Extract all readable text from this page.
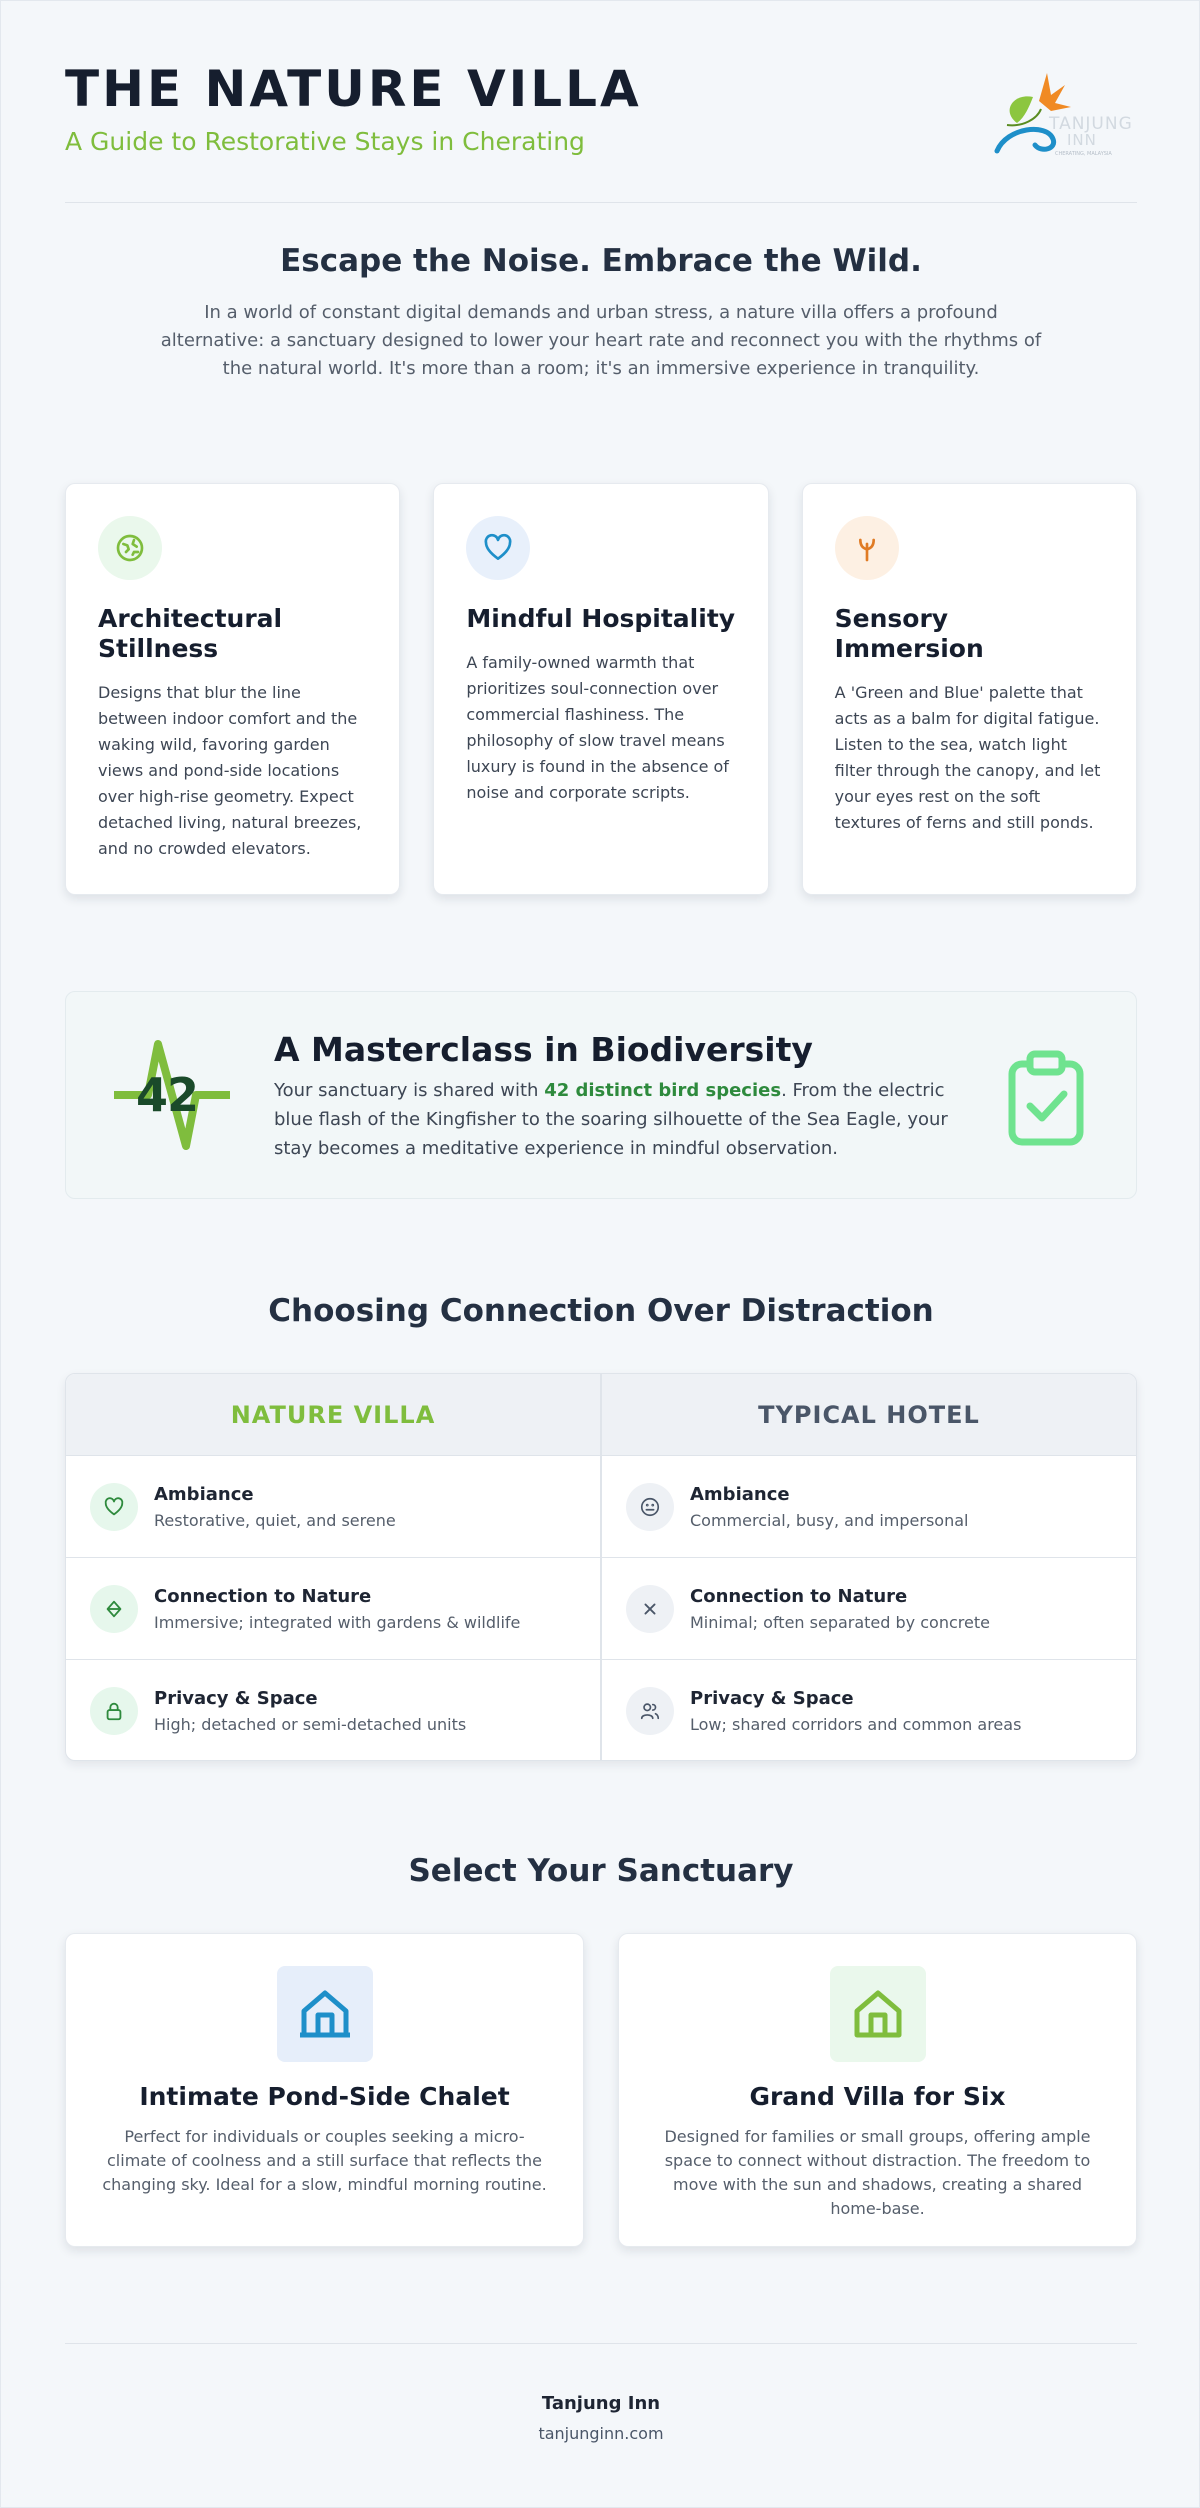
THE NATURE VILLA
A Guide to Restorative Stays in Cherating
TANJUNG
INN
CHERATING, MALAYSIA
Escape the Noise. Embrace the Wild.

In a world of constant digital demands and urban stress, a nature villa offers a profound alternative: a sanctuary designed to lower your heart rate and reconnect you with the rhythms of the natural world. It's more than a room; it's an immersive experience in tranquility.

Architectural Stillness

Designs that blur the line between indoor comfort and the waking wild, favoring garden views and pond-side locations over high-rise geometry. Expect detached living, natural breezes, and no crowded elevators.

Mindful Hospitality

A family-owned warmth that prioritizes soul-connection over commercial flashiness. The philosophy of slow travel means luxury is found in the absence of noise and corporate scripts.

Sensory Immersion

A 'Green and Blue' palette that acts as a balm for digital fatigue. Listen to the sea, watch light filter through the canopy, and let your eyes rest on the soft textures of ferns and still ponds.

42
A Masterclass in Biodiversity

Your sanctuary is shared with 42 distinct bird species. From the electric blue flash of the Kingfisher to the soaring silhouette of the Sea Eagle, your stay becomes a meditative experience in mindful observation.

Choosing Connection Over Distraction
NATURE VILLA	TYPICAL HOTEL
Ambiance
Restorative, quiet, and serene
Ambiance
Commercial, busy, and impersonal
Connection to Nature
Immersive; integrated with gardens & wildlife
Connection to Nature
Minimal; often separated by concrete
Privacy & Space
High; detached or semi-detached units
Privacy & Space
Low; shared corridors and common areas
Select Your Sanctuary
Intimate Pond-Side Chalet

Perfect for individuals or couples seeking a micro-climate of coolness and a still surface that reflects the changing sky. Ideal for a slow, mindful morning routine.

Grand Villa for Six

Designed for families or small groups, offering ample space to connect without distraction. The freedom to move with the sun and shadows, creating a shared home-base.

Tanjung Inn
tanjunginn.com
